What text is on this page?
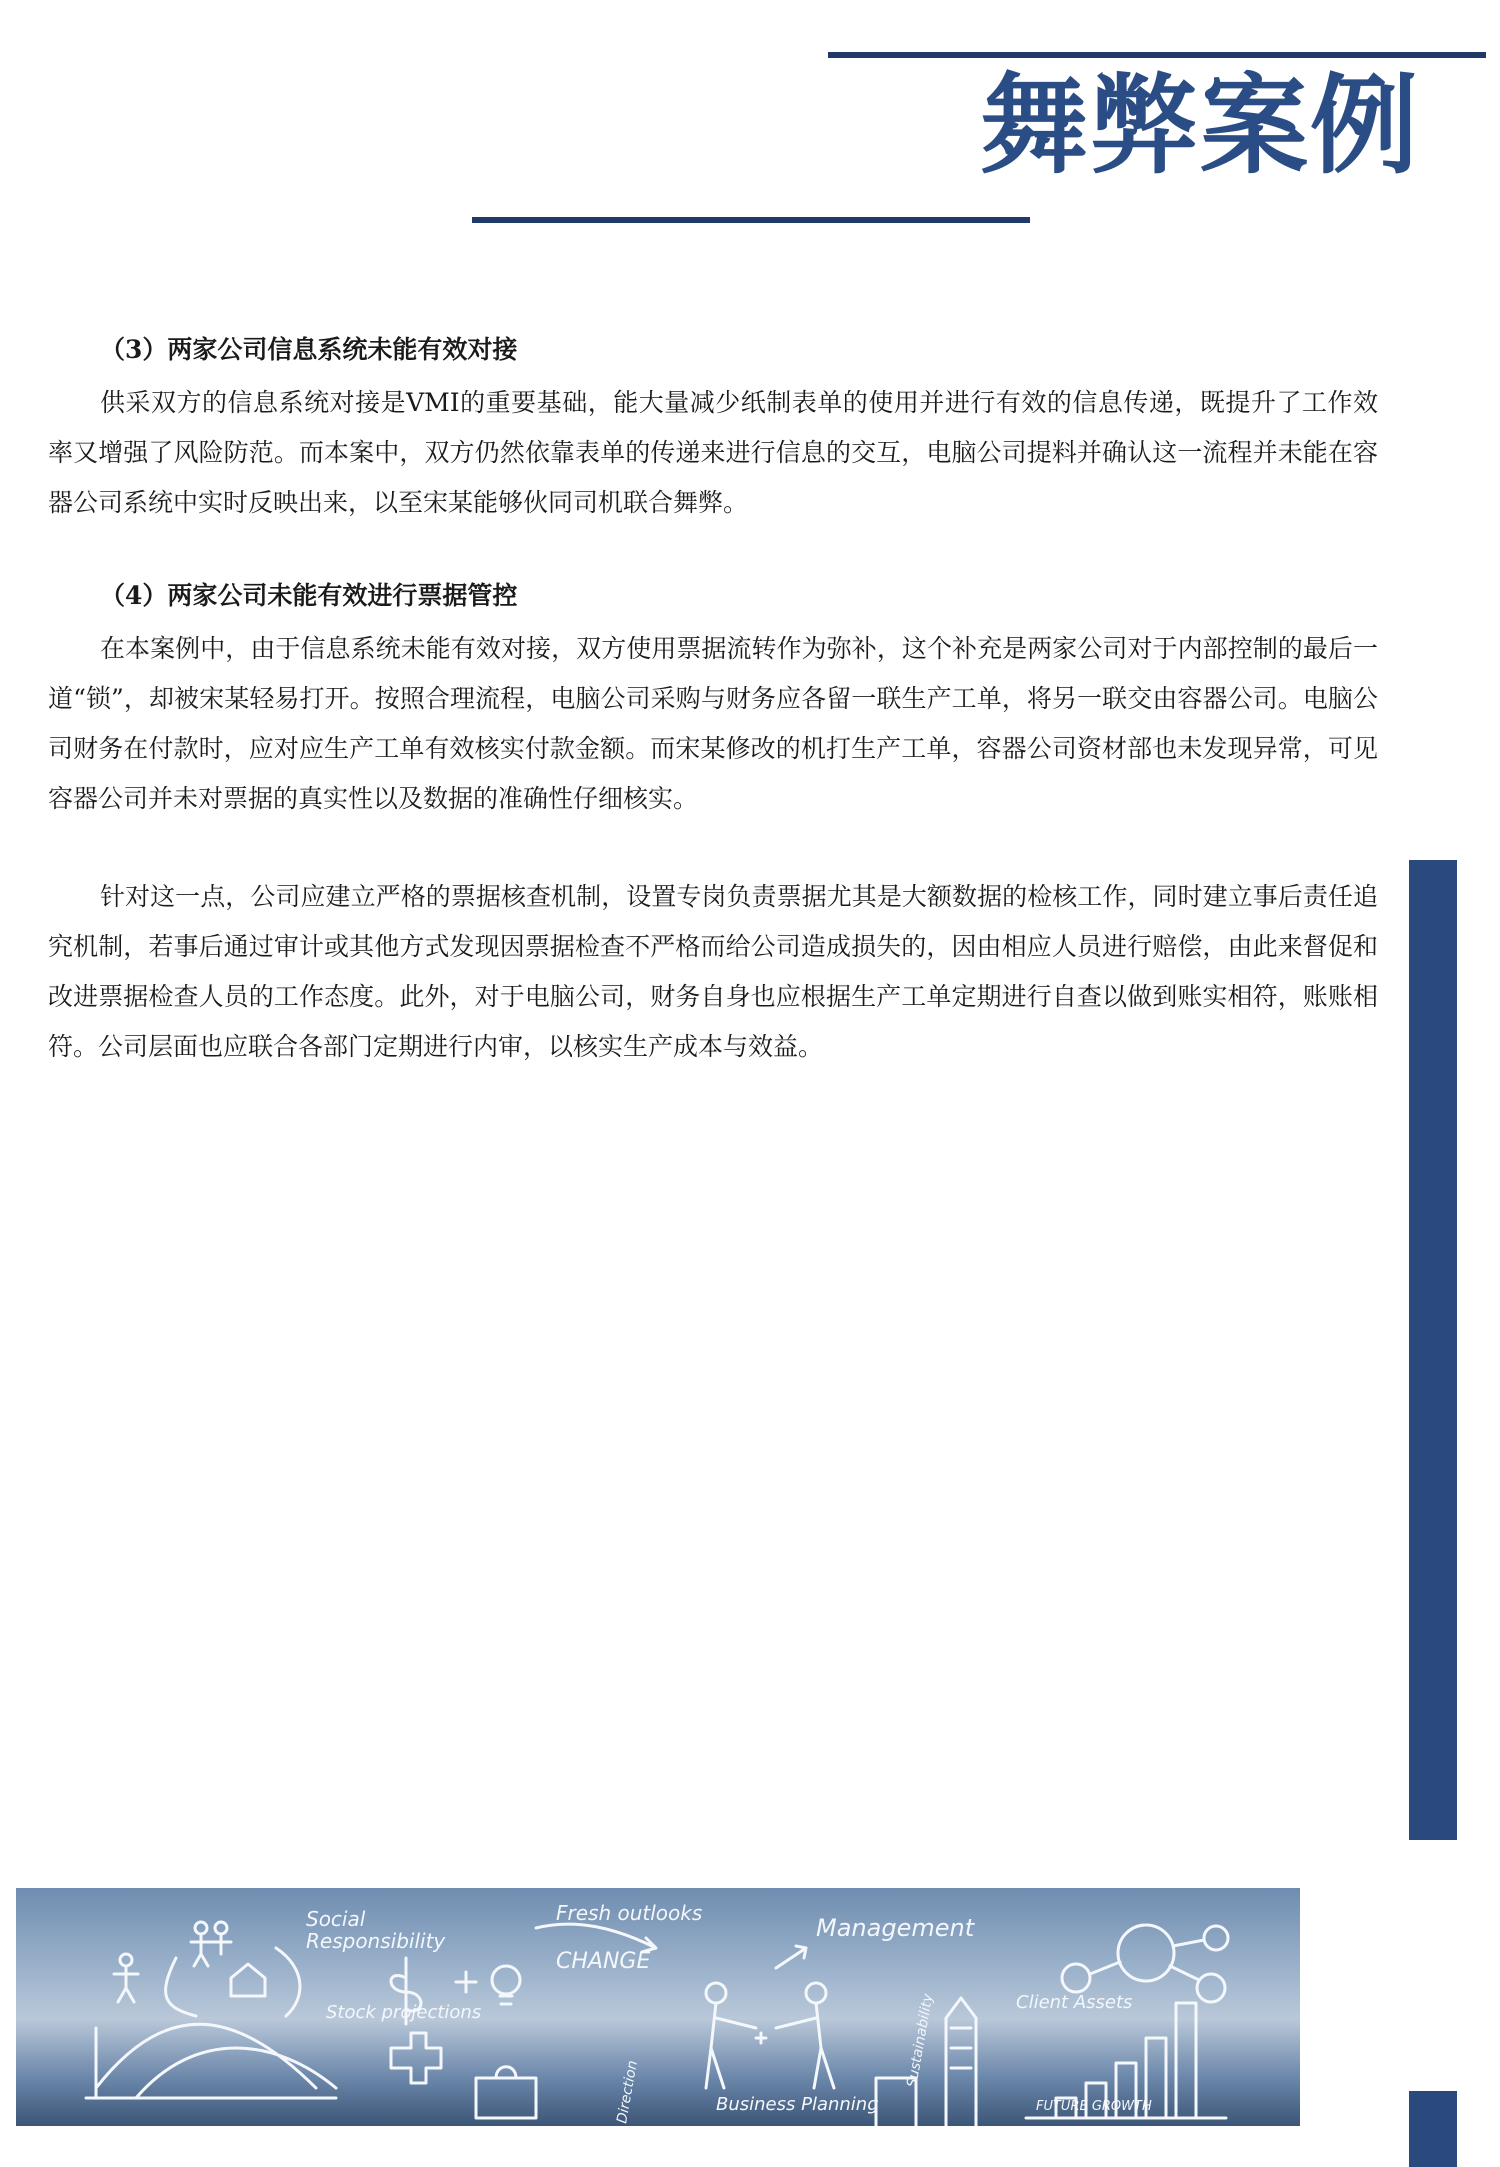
舞弊案例

（3）两家公司信息系统未能有效对接

供采双方的信息系统对接是VMI的重要基础，能大量减少纸制表单的使用并进行有效的信息传递，既提升了工作效率又增强了风险防范。而本案中，双方仍然依靠表单的传递来进行信息的交互，电脑公司提料并确认这一流程并未能在容器公司系统中实时反映出来，以至宋某能够伙同司机联合舞弊。

（4）两家公司未能有效进行票据管控

在本案例中，由于信息系统未能有效对接，双方使用票据流转作为弥补，这个补充是两家公司对于内部控制的最后一道“锁”，却被宋某轻易打开。按照合理流程，电脑公司采购与财务应各留一联生产工单，将另一联交由容器公司。电脑公司财务在付款时，应对应生产工单有效核实付款金额。而宋某修改的机打生产工单，容器公司资材部也未发现异常，可见容器公司并未对票据的真实性以及数据的准确性仔细核实。

针对这一点，公司应建立严格的票据核查机制，设置专岗负责票据尤其是大额数据的检核工作，同时建立事后责任追究机制，若事后通过审计或其他方式发现因票据检查不严格而给公司造成损失的，因由相应人员进行赔偿，由此来督促和改进票据检查人员的工作态度。此外，对于电脑公司，财务自身也应根据生产工单定期进行自查以做到账实相符，账账相符。公司层面也应联合各部门定期进行内审，以核实生产成本与效益。

Social
Responsibility
Fresh outlooks
Management
CHANGE
Stock projections	Client Assets
Business Planning
Sustainability
Direction	FUTURE GROWTH
